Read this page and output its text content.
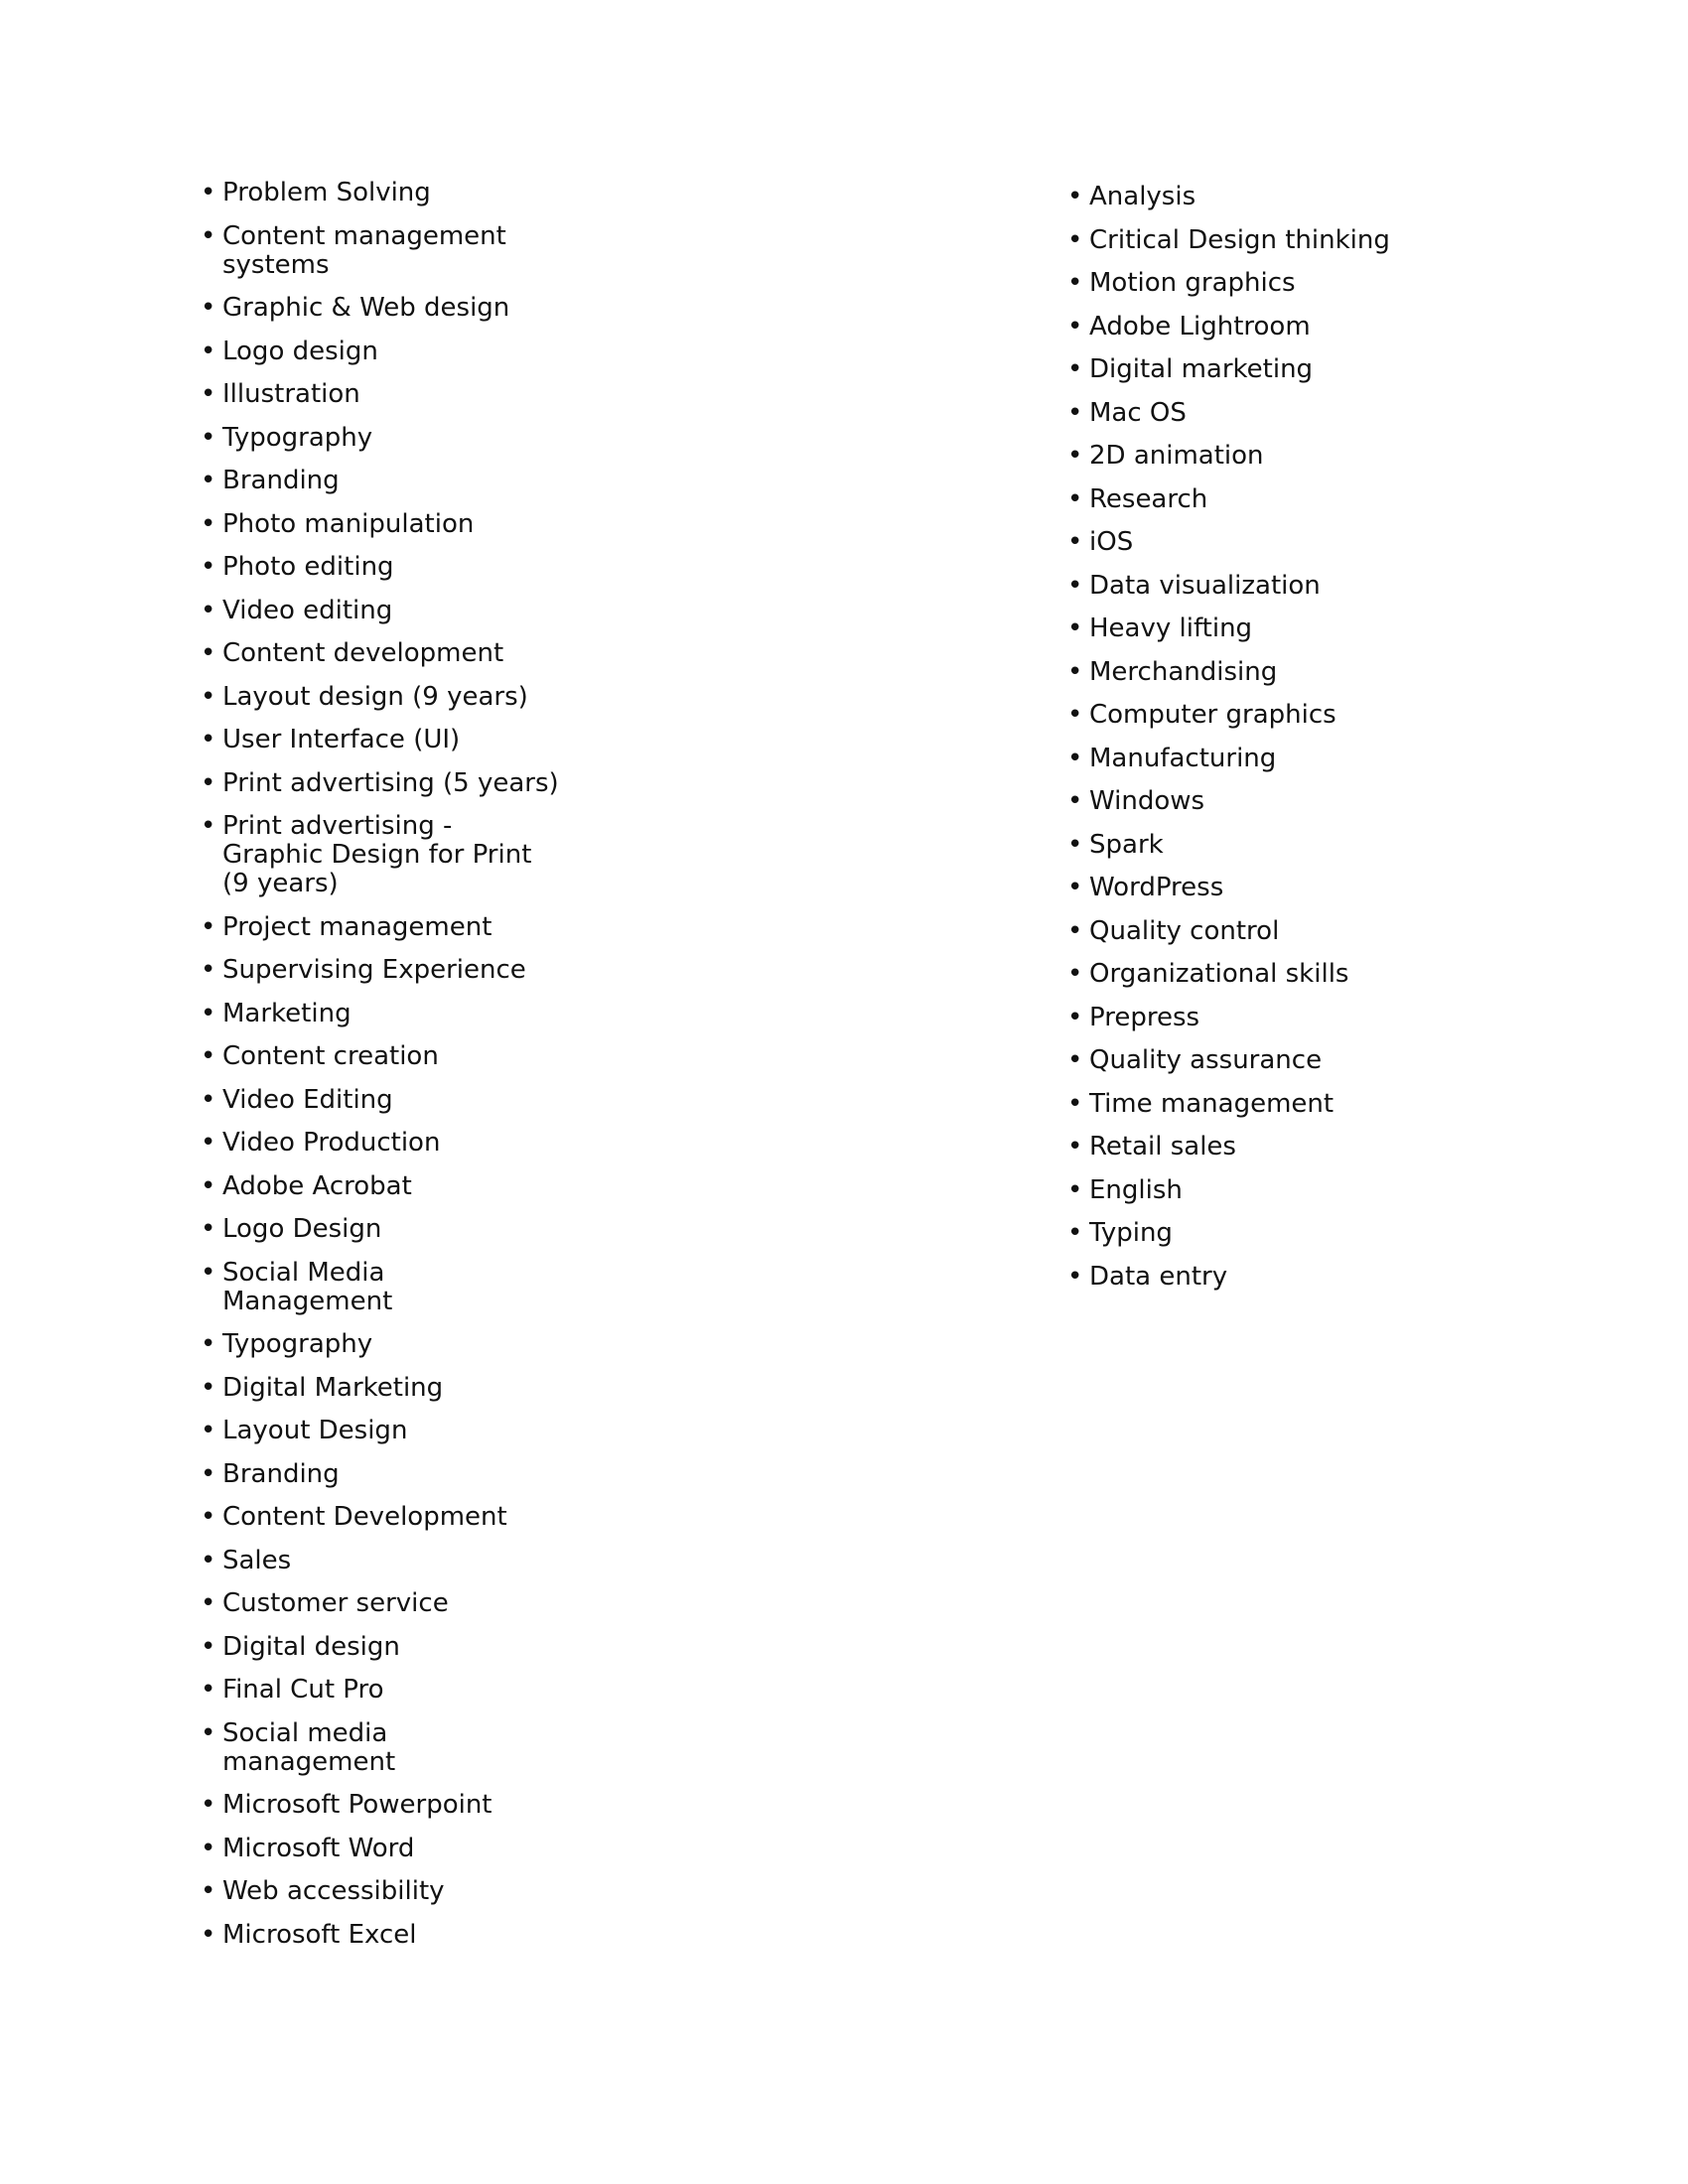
• Problem Solving
• Content management systems
• Graphic & Web design
• Logo design
• Illustration
• Typography
• Branding
• Photo manipulation
• Photo editing
• Video editing
• Content development
• Layout design (9 years)
• User Interface (UI)
• Print advertising (5 years)
• Print advertising - Graphic Design for Print (9 years)
• Project management
• Supervising Experience
• Marketing
• Content creation
• Video Editing
• Video Production
• Adobe Acrobat
• Logo Design
• Social Media Management
• Typography
• Digital Marketing
• Layout Design
• Branding
• Content Development
• Sales
• Customer service
• Digital design
• Final Cut Pro
• Social media management
• Microsoft Powerpoint
• Microsoft Word
• Web accessibility
• Microsoft Excel
• Analysis
• Critical Design thinking
• Motion graphics
• Adobe Lightroom
• Digital marketing
• Mac OS
• 2D animation
• Research
• iOS
• Data visualization
• Heavy lifting
• Merchandising
• Computer graphics
• Manufacturing
• Windows
• Spark
• WordPress
• Quality control
• Organizational skills
• Prepress
• Quality assurance
• Time management
• Retail sales
• English
• Typing
• Data entry
